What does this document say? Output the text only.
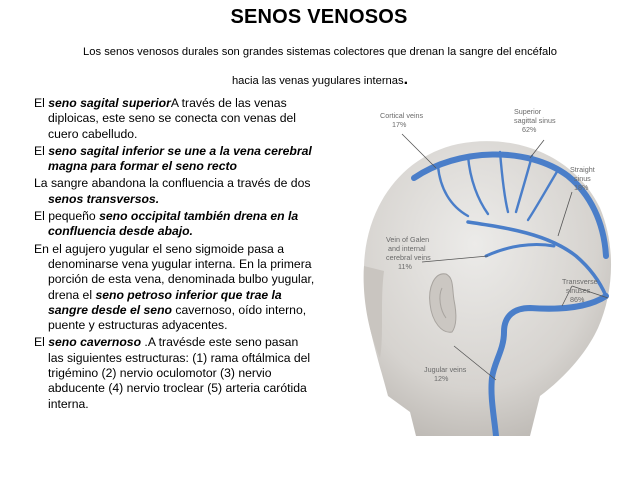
SENOS VENOSOS
Los senos venosos durales son grandes sistemas colectores que drenan la sangre del encéfalo
hacia las venas yugulares internas.

El seno sagital superiorA través de las venas diploicas, este seno se conecta con venas del cuero cabelludo.

El seno sagital inferior se une a la vena cerebral magna para formar el seno recto

La sangre abandona la confluencia a través de dos senos transversos.

El pequeño seno occipital también drena en la confluencia desde abajo.

En el agujero yugular el seno sigmoide pasa a denominarse vena yugular interna. En la primera porción de esta vena, denominada bulbo yugular, drena el seno petroso inferior que trae la sangre desde el seno cavernoso, oído interno, puente y estructuras adyacentes.

El seno cavernoso .A travésde este seno pasan las siguientes estructuras: (1) rama oftálmica del trigémino (2) nervio oculomotor (3) nervio abducente (4) nervio troclear (5) arteria carótida interna.

Cortical veins
17%
Superior
sagittal sinus
62%
Straight
sinus
18%
Vein of Galen
and internal
cerebral veins
11%
Transverse
sinuses
86%
Jugular veins
12%
